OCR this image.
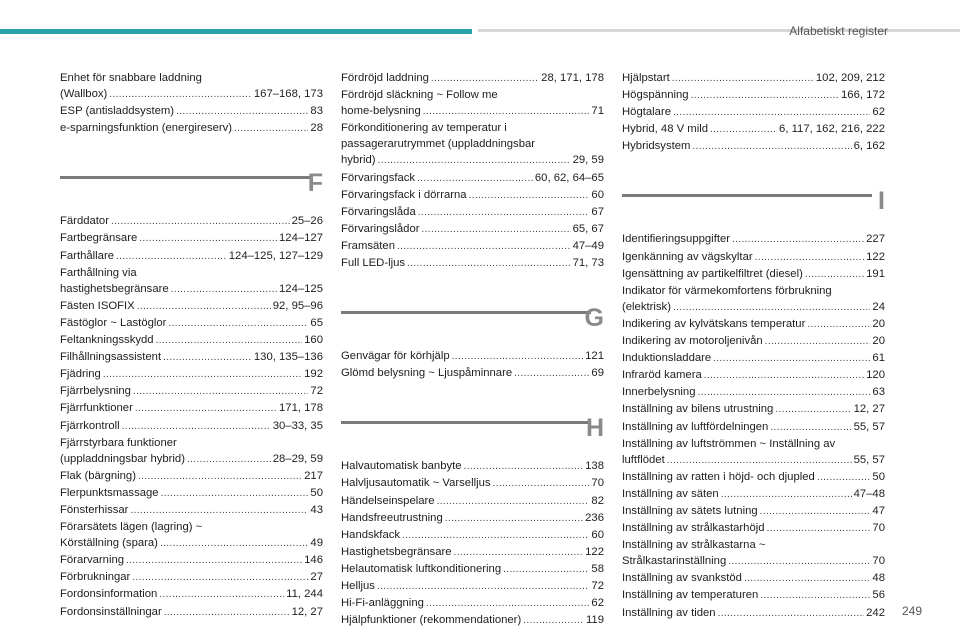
Alfabetiskt register
Enhet för snabbare laddning
(Wallbox) . . .	167–168, 173
ESP (antisladdsystem) . . .	83
e-sparningsfunktion (energireserv) . . .	28
F
Färddator . . .	25–26
Fartbegränsare . . .	124–127
Farthållare . . .	124–125, 127–129
Farthållning via
hastighetsbegränsare . . .	124–125
Fästen ISOFIX . . .	92, 95–96
Fästöglor ~ Lastöglor . . .	65
Feltankningsskydd . . .	160
Filhållningsassistent . . .	130, 135–136
Fjädring . . .	192
Fjärrbelysning . . .	72
Fjärrfunktioner . . .	171, 178
Fjärrkontroll . . .	30–33, 35
Fjärrstyrbara funktioner
(uppladdningsbar hybrid) . . .	28–29, 59
Flak (bärgning) . . .	217
Flerpunktsmassage . . .	50
Fönsterhissar . . .	43
Förarsätets lägen (lagring) ~
Körställning (spara) . . .	49
Förarvarning . . .	146
Förbrukningar . . .	27
Fordonsinformation . . .	11, 244
Fordonsinställningar . . .	12, 27
Fördröjd laddning . . .	28, 171, 178
Fördröjd släckning ~ Follow me
home-belysning . . .	71
Förkonditionering av temperatur i
passagerarutrymmet (uppladdningsbar
hybrid) . . .	29, 59
Förvaringsfack . . .	60, 62, 64–65
Förvaringsfack i dörrarna . . .	60
Förvaringslåda . . .	67
Förvaringslådor . . .	65, 67
Framsäten . . .	47–49
Full LED-ljus . . .	71, 73
G
Genvägar för körhjälp . . .	121
Glömd belysning ~ Ljuspåminnare . . .	69
H
Halvautomatisk banbyte . . .	138
Halvljusautomatik ~ Varselljus . . .	70
Händelseinspelare . . .	82
Handsfreeutrustning . . .	236
Handskfack . . .	60
Hastighetsbegränsare . . .	122
Helautomatisk luftkonditionering . . .	58
Helljus . . .	72
Hi-Fi-anläggning . . .	62
Hjälpfunktioner (rekommendationer) . . .	119
Hjälpstart . . .	102, 209, 212
Högspänning . . .	166, 172
Högtalare . . .	62
Hybrid, 48 V mild . . .	6, 117, 162, 216, 222
Hybridsystem . . .	6, 162
I
Identifieringsuppgifter . . .	227
Igenkänning av vägskyltar . . .	122
Igensättning av partikelfiltret (diesel) . . .	191
Indikator för värmekomfortens förbrukning
(elektrisk) . . .	24
Indikering av kylvätskans temperatur . . .	20
Indikering av motoroljenivån . . .	20
Induktionsladdare . . .	61
Infraröd kamera . . .	120
Innerbelysning . . .	63
Inställning av bilens utrustning . . .	12, 27
Inställning av luftfördelningen . . .	55, 57
Inställning av luftströmmen ~ Inställning av
luftflödet . . .	55, 57
Inställning av ratten i höjd- och djupled . . .	50
Inställning av säten . . .	47–48
Inställning av sätets lutning . . .	47
Inställning av strålkastarhöjd . . .	70
Inställning av strålkastarna ~
Strålkastarinställning . . .	70
Inställning av svankstöd . . .	48
Inställning av temperaturen . . .	56
Inställning av tiden . . .	242 249
